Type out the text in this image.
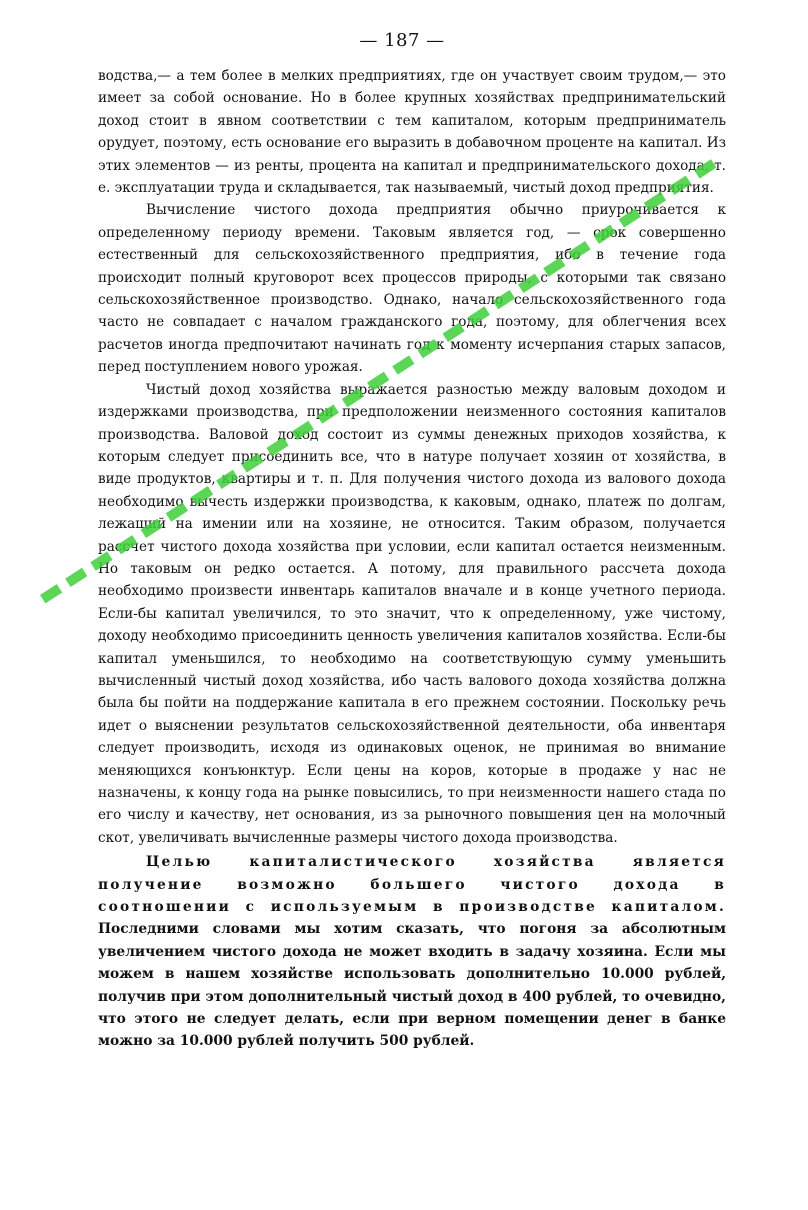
— 187 —

водства,— а тем более в мелких предприятиях, где он участвует своим трудом,— это имеет за собой основание. Но в более крупных хозяйствах предпринимательский доход стоит в явном соответствии с тем капиталом, которым предприниматель орудует, поэтому, есть основание его выразить в добавочном проценте на капитал. Из этих элементов — из ренты, процента на капитал и предпринимательского дохода, т. е. эксплуатации труда и складывается, так называемый, чистый доход предприятия.

Вычисление чистого дохода предприятия обычно приурочивается к определенному периоду времени. Таковым является год, — срок совершенно естественный для сельскохозяйственного предприятия, ибо в течение года происходит полный круговорот всех процессов природы, с которыми так связано сельскохозяйственное производство. Однако, начало сельскохозяйственного года часто не совпадает с началом гражданского года, поэтому, для облегчения всех расчетов иногда предпочитают начинать год к моменту исчерпания старых запасов, перед поступлением нового урожая.

Чистый доход хозяйства выражается разностью между валовым доходом и издержками производства, при предположении неизменного состояния капиталов производства. Валовой доход состоит из суммы денежных приходов хозяйства, к которым следует присоединить все, что в натуре получает хозяин от хозяйства, в виде продуктов, квартиры и т. п. Для получения чистого дохода из валового дохода необходимо вычесть издержки производства, к каковым, однако, платеж по долгам, лежащий на имении или на хозяине, не относится. Таким образом, получается рассчет чистого дохода хозяйства при условии, если капитал остается неизменным. Но таковым он редко остается. А потому, для правильного рассчета дохода необходимо произвести инвентарь капиталов вначале и в конце учетного периода. Если-бы капитал увеличился, то это значит, что к определенному, уже чистому, доходу необходимо присоединить ценность увеличения капиталов хозяйства. Если-бы капитал уменьшился, то необходимо на соответствующую сумму уменьшить вычисленный чистый доход хозяйства, ибо часть валового дохода хозяйства должна была бы пойти на поддержание капитала в его прежнем состоянии. Поскольку речь идет о выяснении результатов сельскохозяйственной деятельности, оба инвентаря следует производить, исходя из одинаковых оценок, не принимая во внимание меняющихся конъюнктур. Если цены на коров, которые в продаже у нас не назначены, к концу года на рынке повысились, то при неизменности нашего стада по его числу и качеству, нет основания, из за рыночного повышения цен на молочный скот, увеличивать вычисленные размеры чистого дохода производства.

Целью капиталистического хозяйства является получение возможно большего чистого дохода в соотношении с используемым в производстве капиталом. Последними словами мы хотим сказать, что погоня за абсолютным увеличением чистого дохода не может входить в задачу хозяина. Если мы можем в нашем хозяйстве использовать дополнительно 10.000 рублей, получив при этом дополнительный чистый доход в 400 рублей, то очевидно, что этого не следует делать, если при верном помещении денег в банке можно за 10.000 рублей получить 500 рублей.
